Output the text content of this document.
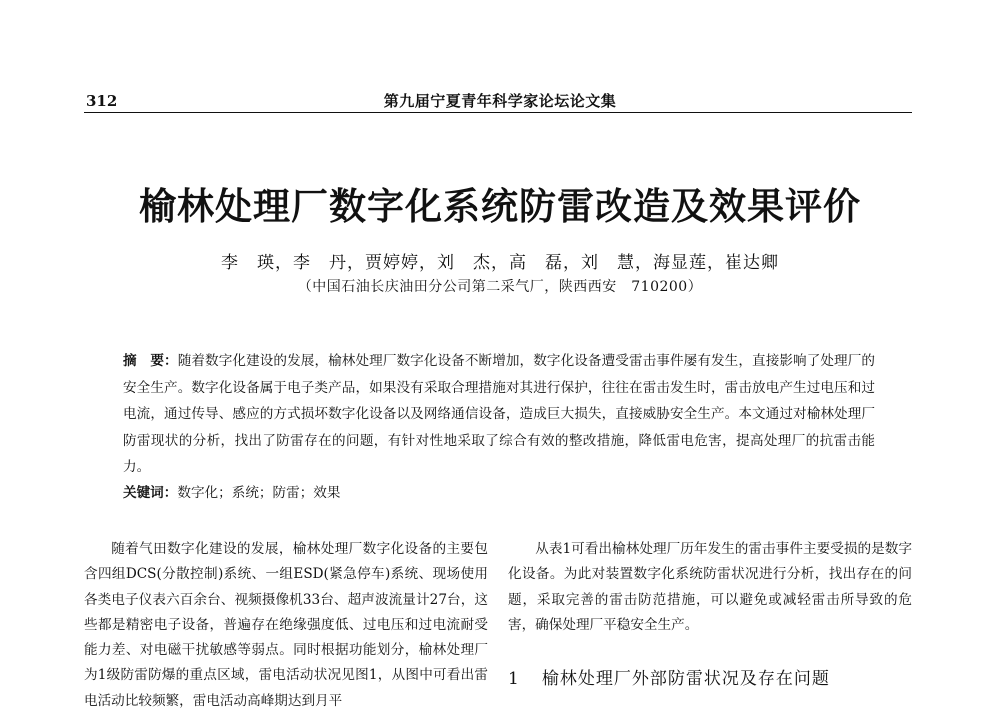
312	第九届宁夏青年科学家论坛论文集
榆林处理厂数字化系统防雷改造及效果评价
李　瑛，李　丹，贾婷婷，刘　杰，高　磊，刘　慧，海显莲，崔达卿
（中国石油长庆油田分公司第二采气厂，陕西西安　710200）
摘　要：随着数字化建设的发展，榆林处理厂数字化设备不断增加，数字化设备遭受雷击事件屡有发生，直接影响了处理厂的安全生产。数字化设备属于电子类产品，如果没有采取合理措施对其进行保护，往往在雷击发生时，雷击放电产生过电压和过电流，通过传导、感应的方式损坏数字化设备以及网络通信设备，造成巨大损失，直接威胁安全生产。本文通过对榆林处理厂防雷现状的分析，找出了防雷存在的问题，有针对性地采取了综合有效的整改措施，降低雷电危害，提高处理厂的抗雷击能力。
关键词：数字化；系统；防雷；效果
随着气田数字化建设的发展，榆林处理厂数字化设备的主要包含四组DCS(分散控制)系统、一组ESD(紧急停车)系统、现场使用各类电子仪表六百余台、视频摄像机33台、超声波流量计27台，这些都是精密电子设备，普遍存在绝缘强度低、过电压和过电流耐受能力差、对电磁干扰敏感等弱点。同时根据功能划分，榆林处理厂为1级防雷防爆的重点区域，雷电活动状况见图1，从图中可看出雷电活动比较频繁，雷电活动高峰期达到月平
从表1可看出榆林处理厂历年发生的雷击事件主要受损的是数字化设备。为此对装置数字化系统防雷状况进行分析，找出存在的问题，采取完善的雷击防范措施，可以避免或减轻雷击所导致的危害，确保处理厂平稳安全生产。
1 榆林处理厂外部防雷状况及存在问题
